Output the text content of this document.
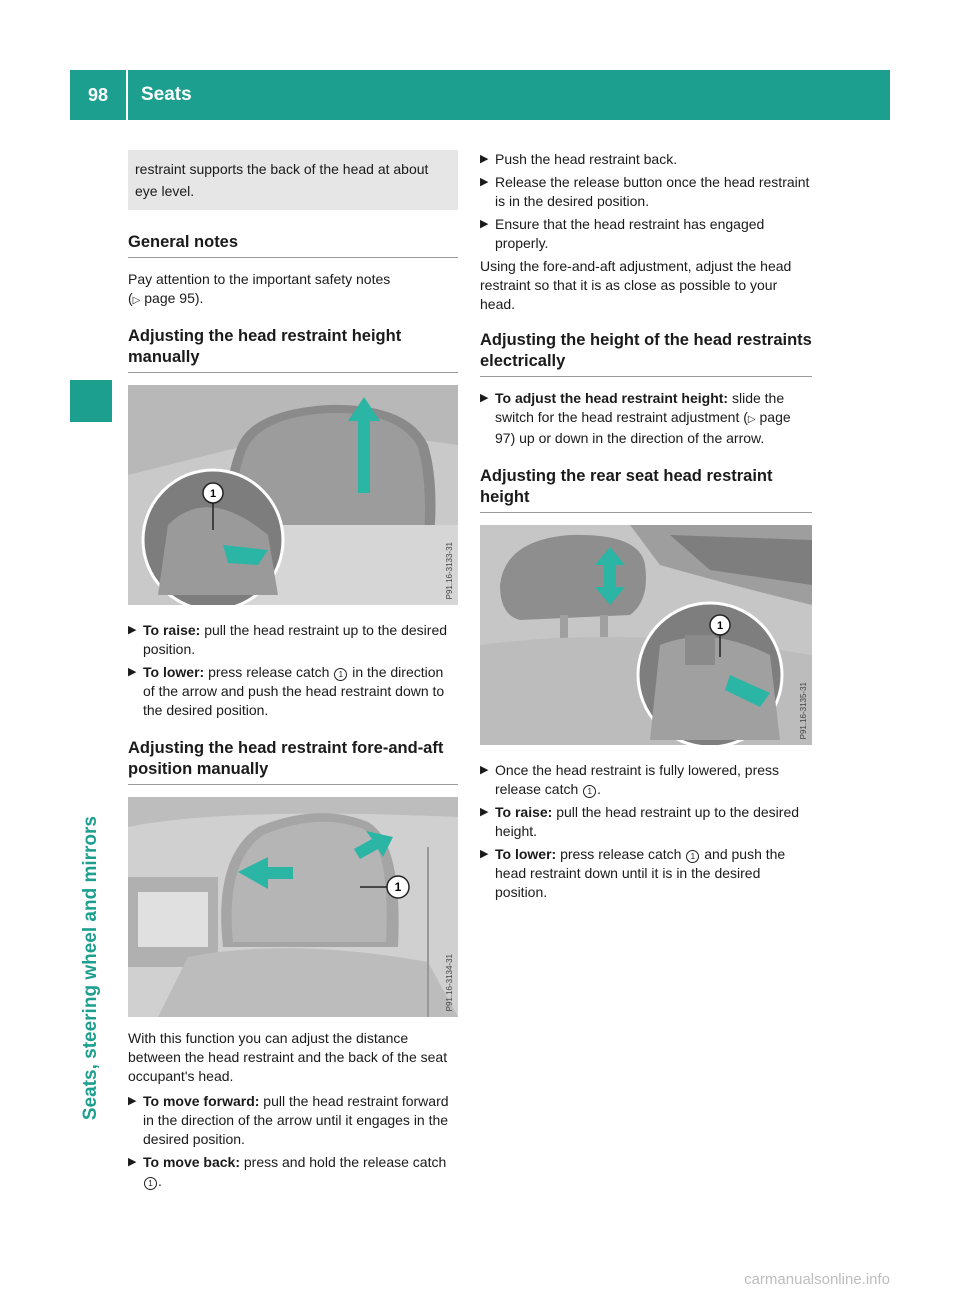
98	Seats
Seats, steering wheel and mirrors
restraint supports the back of the head at about eye level.
General notes
Pay attention to the important safety notes
(▷ page 95).
Adjusting the head restraint height manually
1
P91.16-3133-31
▶ To raise: pull the head restraint up to the desired position.
▶ To lower: press release catch 1 in the direction of the arrow and push the head restraint down to the desired position.
Adjusting the head restraint fore-and-aft position manually
1
P91.16-3134-31
With this function you can adjust the distance between the head restraint and the back of the seat occupant's head.
▶ To move forward: pull the head restraint forward in the direction of the arrow until it engages in the desired position.
▶ To move back: press and hold the release catch 1 .
▶ Push the head restraint back.
▶ Release the release button once the head restraint is in the desired position.
▶ Ensure that the head restraint has engaged properly.
Using the fore-and-aft adjustment, adjust the head restraint so that it is as close as possible to your head.
Adjusting the height of the head restraints electrically
▶ To adjust the head restraint height: slide the switch for the head restraint adjustment (▷ page 97) up or down in the direction of the arrow.
Adjusting the rear seat head restraint height
1
P91.16-3135-31
▶ Once the head restraint is fully lowered, press release catch 1 .
▶ To raise: pull the head restraint up to the desired height.
▶ To lower: press release catch 1 and push the head restraint down until it is in the desired position.
carmanualsonline.info
